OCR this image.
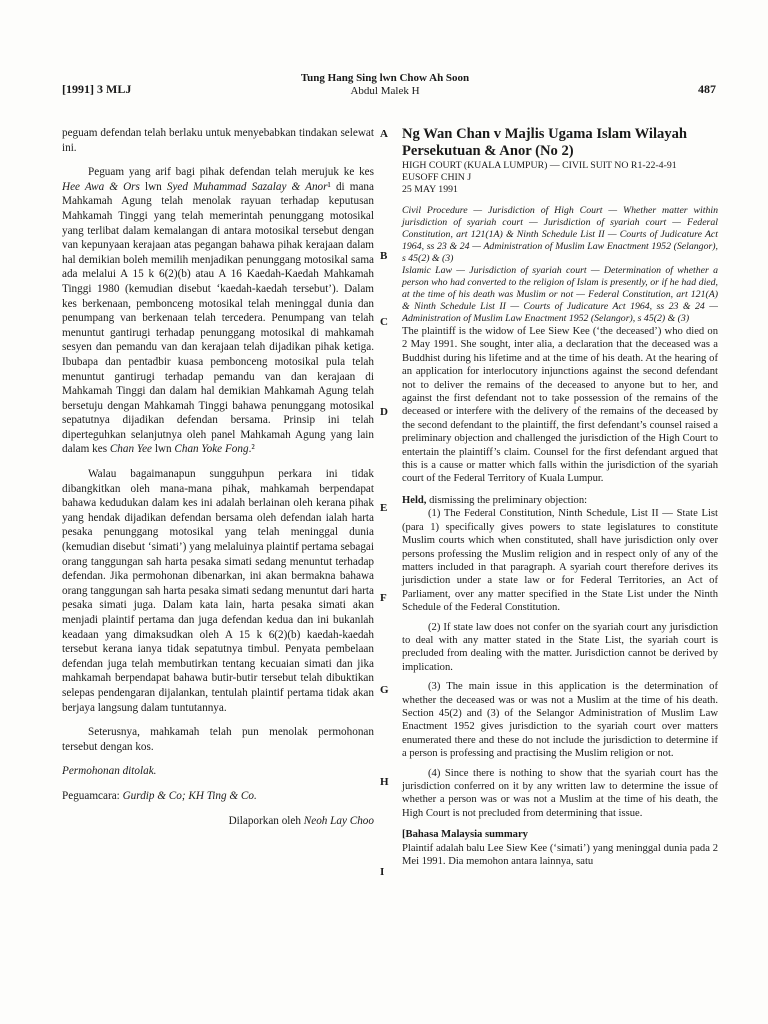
[1991] 3 MLJ
Tung Hang Sing lwn Chow Ah Soon
Abdul Malek H	487
A
B
C
D
E
F
G
H
I

peguam defendan telah berlaku untuk menyebabkan tindakan selewat ini.

Peguam yang arif bagi pihak defendan telah merujuk ke kes Hee Awa & Ors lwn Syed Muhammad Sazalay & Anor¹ di mana Mahkamah Agung telah menolak rayuan terhadap keputusan Mahkamah Tinggi yang telah memerintah penunggang motosikal yang terlibat dalam kemalangan di antara motosikal tersebut dengan van kepunyaan kerajaan atas pegangan bahawa pihak kerajaan dalam hal demikian boleh memilih menjadikan penunggang motosikal sama ada melalui A 15 k 6(2)(b) atau A 16 Kaedah-Kaedah Mahkamah Tinggi 1980 (kemudian disebut ‘kaedah-kaedah tersebut’). Dalam kes berkenaan, pembonceng motosikal telah meninggal dunia dan penumpang van berkenaan telah tercedera. Penumpang van telah menuntut gantirugi terhadap penunggang motosikal di mahkamah sesyen dan pemandu van dan kerajaan telah dijadikan pihak ketiga. Ibubapa dan pentadbir kuasa pembonceng motosikal pula telah menuntut gantirugi terhadap pemandu van dan kerajaan di Mahkamah Tinggi dan dalam hal demikian Mahkamah Agung telah bersetuju dengan Mahkamah Tinggi bahawa penunggang motosikal sepatutnya dijadikan defendan bersama. Prinsip ini telah diperteguhkan selanjutnya oleh panel Mahkamah Agung yang lain dalam kes Chan Yee lwn Chan Yoke Fong.²

Walau bagaimanapun sungguhpun perkara ini tidak dibangkitkan oleh mana-mana pihak, mahkamah berpendapat bahawa kedudukan dalam kes ini adalah berlainan oleh kerana pihak yang hendak dijadikan defendan bersama oleh defendan ialah harta pesaka penunggang motosikal yang telah meninggal dunia (kemudian disebut ‘simati’) yang melaluinya plaintif pertama sebagai orang tanggungan sah harta pesaka simati sedang menuntut terhadap defendan. Jika permohonan dibenarkan, ini akan bermakna bahawa orang tanggungan sah harta pesaka simati sedang menuntut dari harta pesaka simati juga. Dalam kata lain, harta pesaka simati akan menjadi plaintif pertama dan juga defendan kedua dan ini bukanlah keadaan yang dimaksudkan oleh A 15 k 6(2)(b) kaedah-kaedah tersebut kerana ianya tidak sepatutnya timbul. Penyata pembelaan defendan juga telah membutirkan tentang kecuaian simati dan jika mahkamah berpendapat bahawa butir-butir tersebut telah dibuktikan selepas pendengaran dijalankan, tentulah plaintif pertama tidak akan berjaya langsung dalam tuntutannya.

Seterusnya, mahkamah telah pun menolak permohonan tersebut dengan kos.

Permohonan ditolak.

Peguamcara: Gurdip & Co; KH Ting & Co.

Dilaporkan oleh Neoh Lay Choo

Ng Wan Chan v Majlis Ugama Islam Wilayah Persekutuan & Anor (No 2)

HIGH COURT (KUALA LUMPUR) — CIVIL SUIT NO R1-22-4-91
EUSOFF CHIN J
25 MAY 1991

Civil Procedure — Jurisdiction of High Court — Whether matter within jurisdiction of syariah court — Jurisdiction of syariah court — Federal Constitution, art 121(1A) & Ninth Schedule List II — Courts of Judicature Act 1964, ss 23 & 24 — Administration of Muslim Law Enactment 1952 (Selangor), s 45(2) & (3)

Islamic Law — Jurisdiction of syariah court — Determination of whether a person who had converted to the religion of Islam is presently, or if he had died, at the time of his death was Muslim or not — Federal Constitution, art 121(A) & Ninth Schedule List II — Courts of Judicature Act 1964, ss 23 & 24 — Administration of Muslim Law Enactment 1952 (Selangor), s 45(2) & (3)

The plaintiff is the widow of Lee Siew Kee (‘the deceased’) who died on 2 May 1991. She sought, inter alia, a declaration that the deceased was a Buddhist during his lifetime and at the time of his death. At the hearing of an application for interlocutory injunctions against the second defendant not to deliver the remains of the deceased to anyone but to her, and against the first defendant not to take possession of the remains of the deceased or interfere with the delivery of the remains of the deceased by the second defendant to the plaintiff, the first defendant’s counsel raised a preliminary objection and challenged the jurisdiction of the High Court to entertain the plaintiff’s claim. Counsel for the first defendant argued that this is a cause or matter which falls within the jurisdiction of the syariah court of the Federal Territory of Kuala Lumpur.

Held, dismissing the preliminary objection:

(1) The Federal Constitution, Ninth Schedule, List II — State List (para 1) specifically gives powers to state legislatures to constitute Muslim courts which when constituted, shall have jurisdiction only over persons professing the Muslim religion and in respect only of any of the matters included in that paragraph. A syariah court therefore derives its jurisdiction under a state law or for Federal Territories, an Act of Parliament, over any matter specified in the State List under the Ninth Schedule of the Federal Constitution.

(2) If state law does not confer on the syariah court any jurisdiction to deal with any matter stated in the State List, the syariah court is precluded from dealing with the matter. Jurisdiction cannot be derived by implication.

(3) The main issue in this application is the determination of whether the deceased was or was not a Muslim at the time of his death. Section 45(2) and (3) of the Selangor Administration of Muslim Law Enactment 1952 gives jurisdiction to the syariah court over matters enumerated there and these do not include the jurisdiction to determine if a person is professing and practising the Muslim religion or not.

(4) Since there is nothing to show that the syariah court has the jurisdiction conferred on it by any written law to determine the issue of whether a person was or was not a Muslim at the time of his death, the High Court is not precluded from determining that issue.

[Bahasa Malaysia summary

Plaintif adalah balu Lee Siew Kee (‘simati’) yang meninggal dunia pada 2 Mei 1991. Dia memohon antara lainnya, satu
